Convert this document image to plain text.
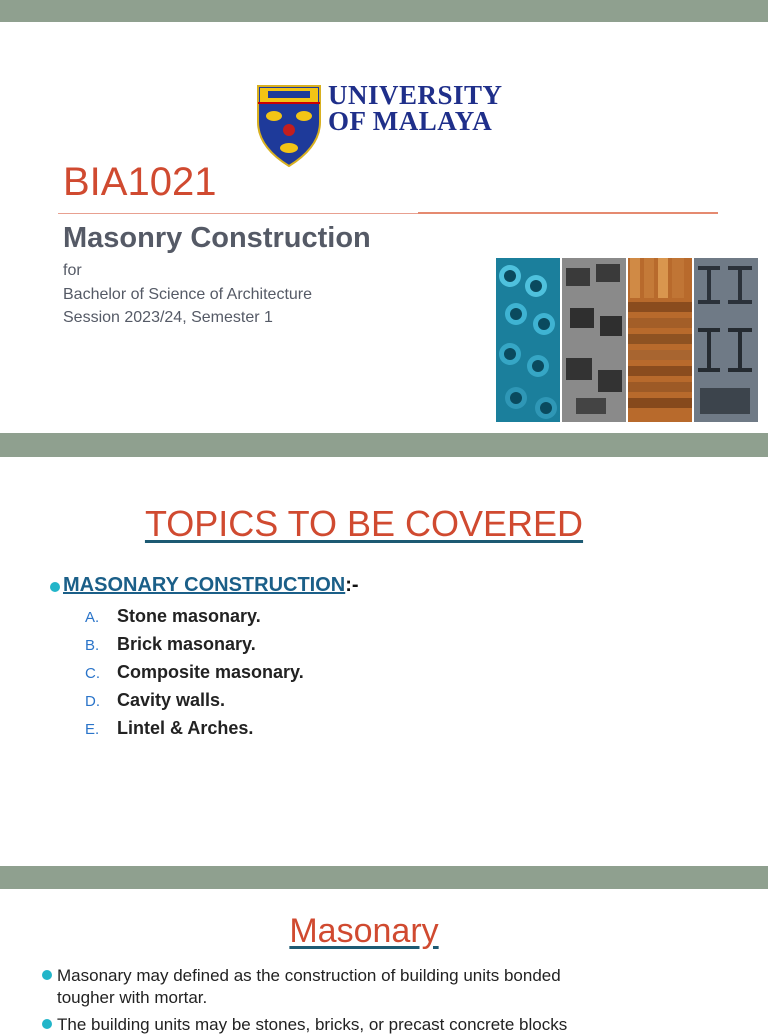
UNIVERSITY
OF MALAYA
BIA1021
Masonry Construction
for
Bachelor of Science of Architecture
Session 2023/24, Semester 1
TOPICS TO BE COVERED
MASONARY CONSTRUCTION:-
A. Stone masonary.
B. Brick masonary.
C. Composite masonary.
D. Cavity walls.
E. Lintel & Arches.
Masonary
Masonary may defined as the construction of building units bonded
tougher with mortar.
The building units may be stones, bricks, or precast concrete blocks
